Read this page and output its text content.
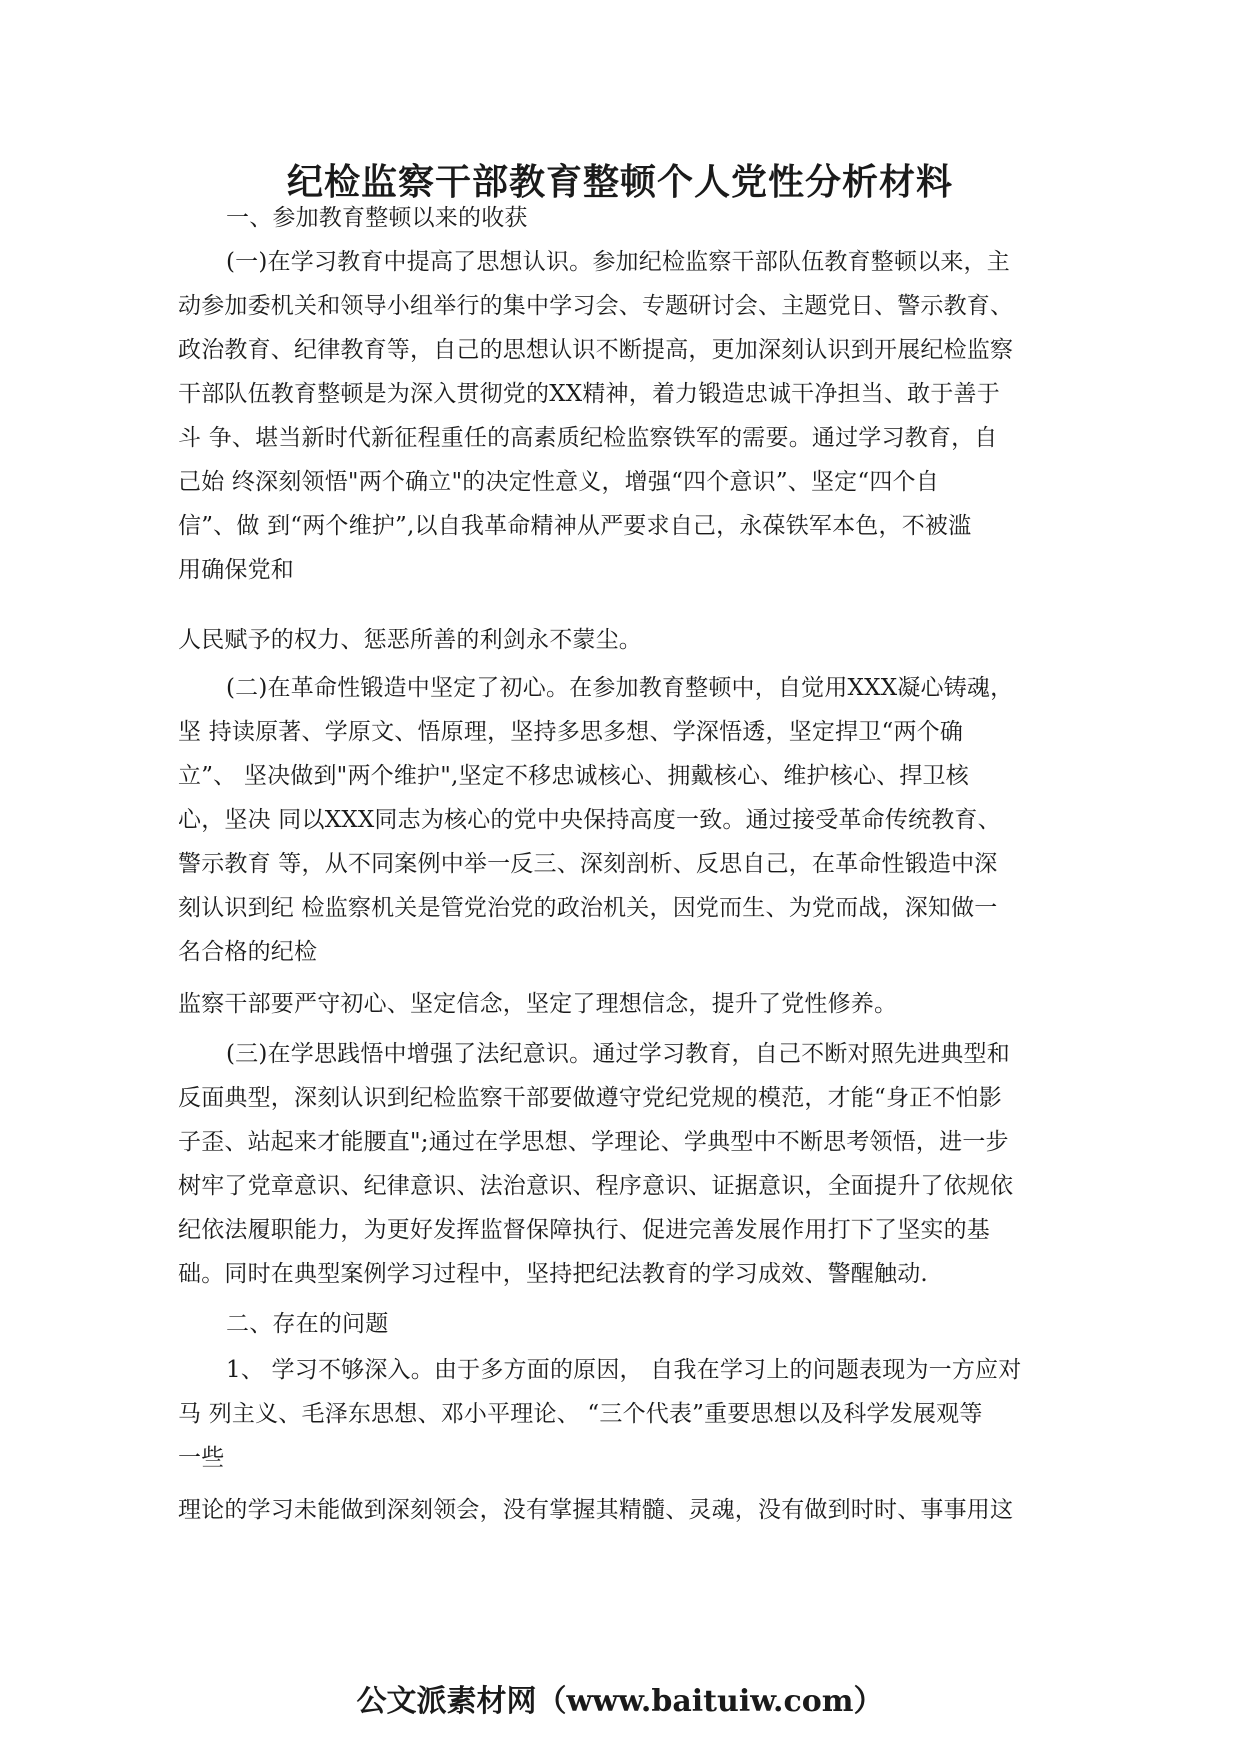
纪检监察干部教育整顿个人党性分析材料

一、参加教育整顿以来的收获

(一)在学习教育中提高了思想认识。参加纪检监察干部队伍教育整顿以来，主

动参加委机关和领导小组举行的集中学习会、专题研讨会、主题党日、警示教育、

政治教育、纪律教育等，自己的思想认识不断提高，更加深刻认识到开展纪检监察

干部队伍教育整顿是为深入贯彻党的XX精神，着力锻造忠诚干净担当、敢于善于

斗 争、堪当新时代新征程重任的高素质纪检监察铁军的需要。通过学习教育，自

己始 终深刻领悟"两个确立"的决定性意义，增强“四个意识”、坚定“四个自

信”、做 到“两个维护”,以自我革命精神从严要求自己，永葆铁军本色，不被滥

用确保党和

人民赋予的权力、惩恶所善的利剑永不蒙尘。

(二)在革命性锻造中坚定了初心。在参加教育整顿中，自觉用XXX凝心铸魂，

坚 持读原著、学原文、悟原理，坚持多思多想、学深悟透，坚定捍卫“两个确

立”、 坚决做到"两个维护",坚定不移忠诚核心、拥戴核心、维护核心、捍卫核

心，坚决 同以XXX同志为核心的党中央保持高度一致。通过接受革命传统教育、

警示教育 等，从不同案例中举一反三、深刻剖析、反思自己，在革命性锻造中深

刻认识到纪 检监察机关是管党治党的政治机关，因党而生、为党而战，深知做一

名合格的纪检

监察干部要严守初心、坚定信念，坚定了理想信念，提升了党性修养。

(三)在学思践悟中增强了法纪意识。通过学习教育，自己不断对照先进典型和

反面典型，深刻认识到纪检监察干部要做遵守党纪党规的模范，才能“身正不怕影

子歪、站起来才能腰直";通过在学思想、学理论、学典型中不断思考领悟，进一步

树牢了党章意识、纪律意识、法治意识、程序意识、证据意识，全面提升了依规依

纪依法履职能力，为更好发挥监督保障执行、促进完善发展作用打下了坚实的基

础。同时在典型案例学习过程中，坚持把纪法教育的学习成效、警醒触动.

二、存在的问题

1、 学习不够深入。由于多方面的原因， 自我在学习上的问题表现为一方应对

马 列主义、毛泽东思想、邓小平理论、 “三个代表”重要思想以及科学发展观等

一些

理论的学习未能做到深刻领会，没有掌握其精髓、灵魂，没有做到时时、事事用这

公文派素材网（www.baituiw.com）
